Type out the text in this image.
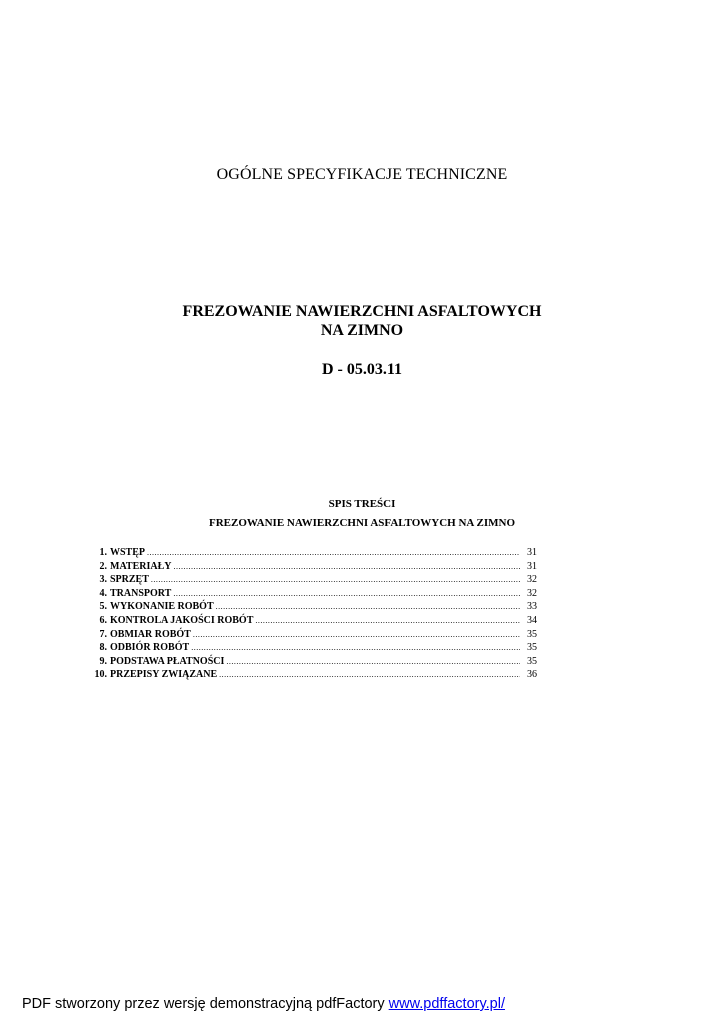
OGÓLNE SPECYFIKACJE TECHNICZNE
FREZOWANIE NAWIERZCHNI ASFALTOWYCH
NA ZIMNO
D - 05.03.11
SPIS TREŚCI
FREZOWANIE NAWIERZCHNI ASFALTOWYCH NA ZIMNO
1. WSTĘP .....	31
2. MATERIAŁY .....	31
3. SPRZĘT .....	32
4. TRANSPORT .....	32
5. WYKONANIE ROBÓT .....	33
6. KONTROLA JAKOŚCI ROBÓT .....	34
7. OBMIAR ROBÓT .....	35
8. ODBIÓR ROBÓT .....	35
9. PODSTAWA PŁATNOŚCI .....	35
10. PRZEPISY ZWIĄZANE .....	36
PDF stworzony przez wersję demonstracyjną pdfFactory www.pdffactory.pl/
